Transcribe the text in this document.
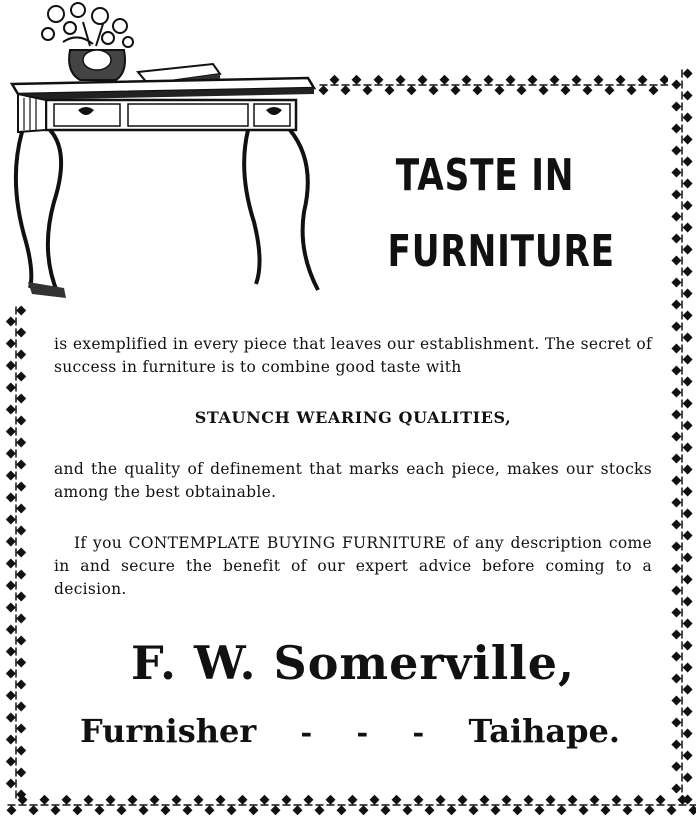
TASTE IN
FURNITURE
is exemplified in every piece that leaves our establishment. The secret of success in furniture is to combine good taste with
STAUNCH WEARING QUALITIES,
and the quality of definement that marks each piece, makes our stocks among the best obtainable.
If you CONTEMPLATE BUYING FURNITURE of any description come in and secure the benefit of our expert advice before coming to a decision.
F. W. Somerville,
Furnisher - - - Taihape.
